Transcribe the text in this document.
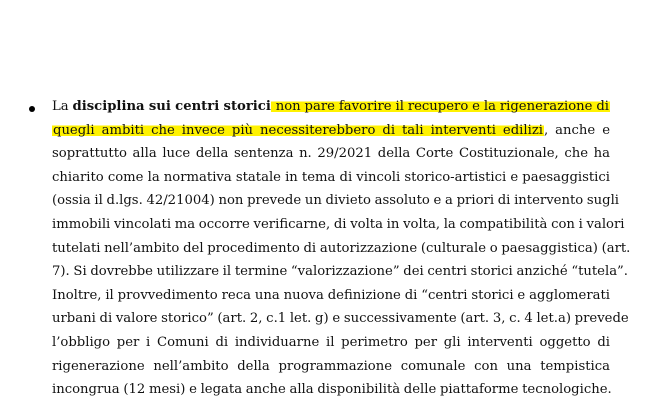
La disciplina sui centri storici non pare favorire il recupero e la rigenerazione di
quegli ambiti che invece più necessiterebbero di tali interventi edilizi, anche e
soprattutto alla luce della sentenza n. 29/2021 della Corte Costituzionale, che ha
chiarito come la normativa statale in tema di vincoli storico-artistici e paesaggistici
(ossia il d.lgs. 42/21004) non prevede un divieto assoluto e a priori di intervento sugli
immobili vincolati ma occorre verificarne, di volta in volta, la compatibilità con i valori
tutelati nell’ambito del procedimento di autorizzazione (culturale o paesaggistica) (art.
7). Si dovrebbe utilizzare il termine “valorizzazione” dei centri storici anziché “tutela”.
Inoltre, il provvedimento reca una nuova definizione di “centri storici e agglomerati
urbani di valore storico” (art. 2, c.1 let. g) e successivamente (art. 3, c. 4 let.a) prevede
l’obbligo per i Comuni di individuarne il perimetro per gli interventi oggetto di
rigenerazione nell’ambito della programmazione comunale con una tempistica
incongrua (12 mesi) e legata anche alla disponibilità delle piattaforme tecnologiche.
